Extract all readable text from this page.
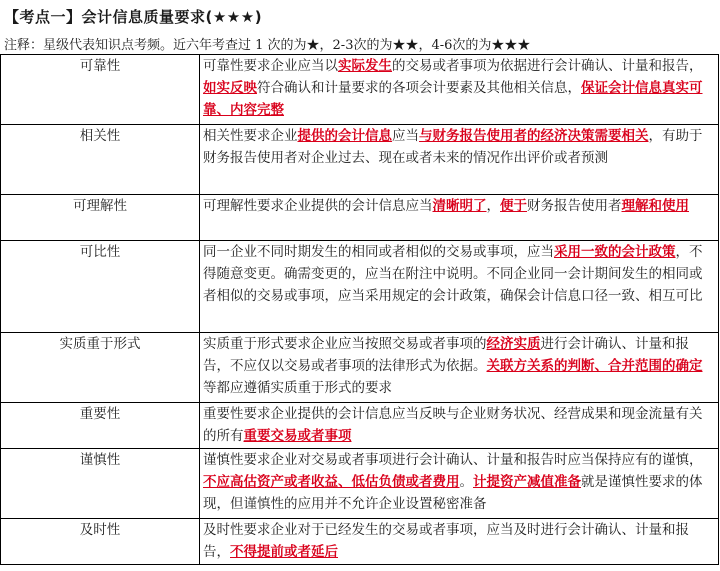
【考点一】会计信息质量要求(★★★)
注释：星级代表知识点考频。近六年考查过 1 次的为★，2-3次的为★★，4-6次的为★★★
可靠性	可靠性要求企业应当以实际发生的交易或者事项为依据进行会计确认、计量和报告，如实反映符合确认和计量要求的各项会计要素及其他相关信息，保证会计信息真实可靠、内容完整
相关性	相关性要求企业提供的会计信息应当与财务报告使用者的经济决策需要相关，有助于财务报告使用者对企业过去、现在或者未来的情况作出评价或者预测
可理解性	可理解性要求企业提供的会计信息应当清晰明了，便于财务报告使用者理解和使用
可比性	同一企业不同时期发生的相同或者相似的交易或事项，应当采用一致的会计政策，不得随意变更。确需变更的，应当在附注中说明。不同企业同一会计期间发生的相同或者相似的交易或事项，应当采用规定的会计政策，确保会计信息口径一致、相互可比
实质重于形式	实质重于形式要求企业应当按照交易或者事项的经济实质进行会计确认、计量和报告，不应仅以交易或者事项的法律形式为依据。关联方关系的判断、合并范围的确定等都应遵循实质重于形式的要求
重要性	重要性要求企业提供的会计信息应当反映与企业财务状况、经营成果和现金流量有关的所有重要交易或者事项
谨慎性	谨慎性要求企业对交易或者事项进行会计确认、计量和报告时应当保持应有的谨慎，不应高估资产或者收益、低估负债或者费用。计提资产减值准备就是谨慎性要求的体现，但谨慎性的应用并不允许企业设置秘密准备
及时性	及时性要求企业对于已经发生的交易或者事项，应当及时进行会计确认、计量和报告，不得提前或者延后
